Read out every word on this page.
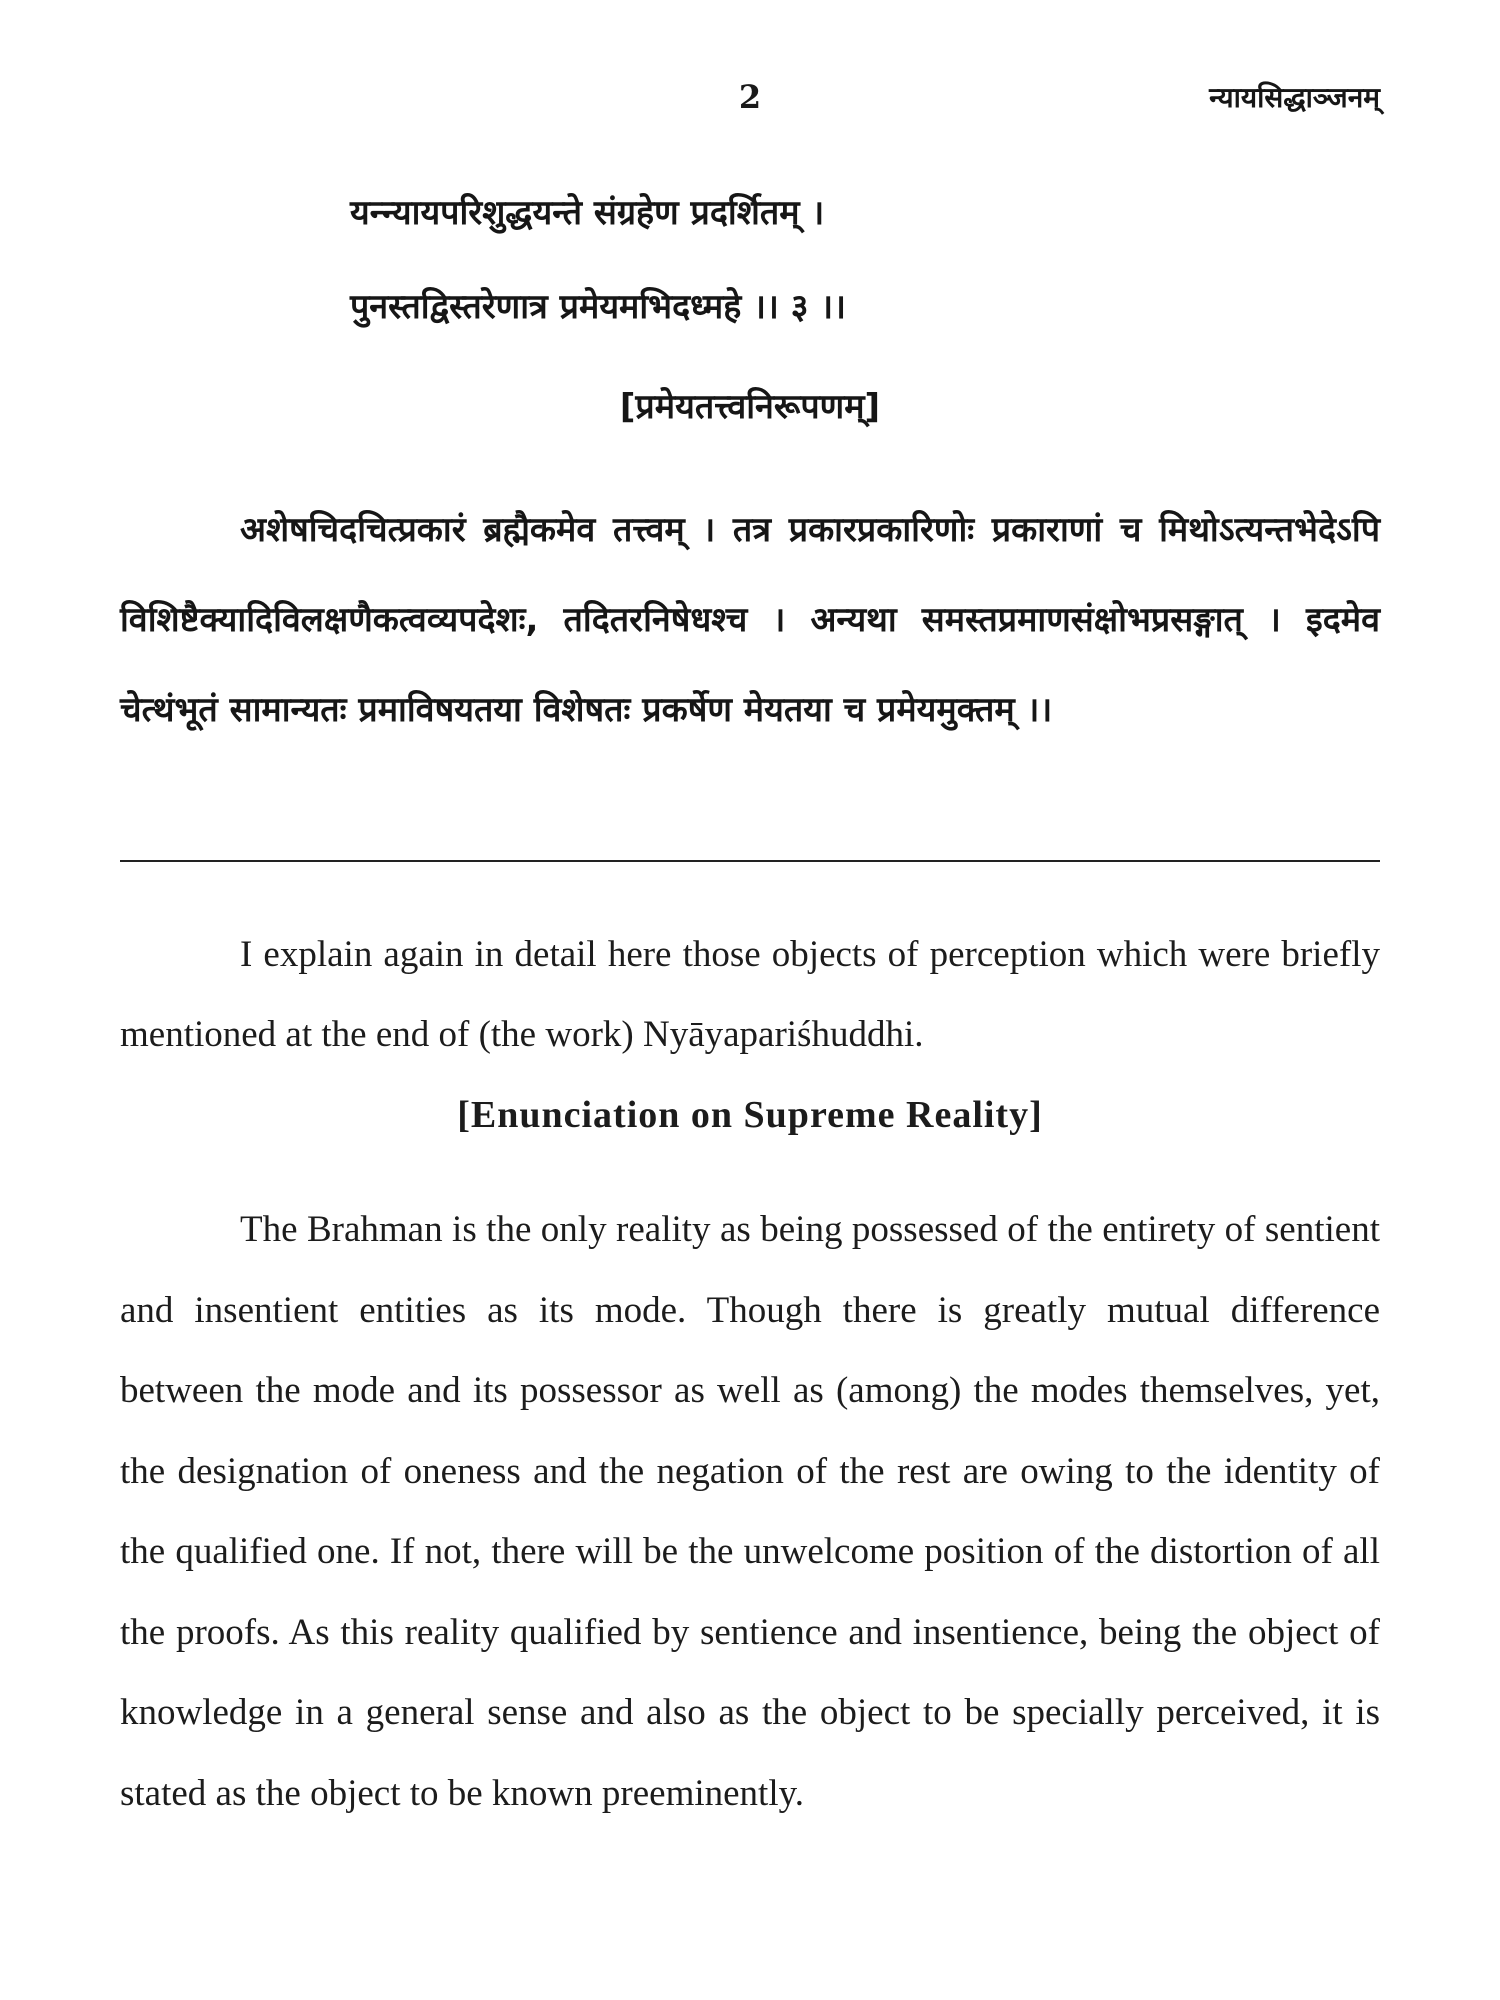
2	न्यायसिद्धाञ्जनम्
यन्न्यायपरिशुद्धयन्ते संग्रहेण प्रदर्शितम् ।
पुनस्तद्विस्तरेणात्र प्रमेयमभिदध्महे ।। ३ ।।
[प्रमेयतत्त्वनिरूपणम्]

अशेषचिदचित्प्रकारं ब्रह्मैकमेव तत्त्वम् । तत्र प्रकारप्रकारिणोः प्रकाराणां च मिथोऽत्यन्तभेदेऽपि विशिष्टैक्यादिविलक्षणैकत्वव्यपदेशः, तदितरनिषेधश्च । अन्यथा समस्तप्रमाणसंक्षोभप्रसङ्गात् । इदमेव चेत्थंभूतं सामान्यतः प्रमाविषयतया विशेषतः प्रकर्षेण मेयतया च प्रमेयमुक्तम् ।।

I explain again in detail here those objects of perception which were briefly mentioned at the end of (the work) Nyāyapariśhuddhi.

[Enunciation on Supreme Reality]

The Brahman is the only reality as being possessed of the entirety of sentient and insentient entities as its mode. Though there is greatly mutual difference between the mode and its possessor as well as (among) the modes themselves, yet, the designation of oneness and the negation of the rest are owing to the identity of the qualified one. If not, there will be the unwelcome position of the distortion of all the proofs. As this reality qualified by sentience and insentience, being the object of knowledge in a general sense and also as the object to be specially perceived, it is stated as the object to be known preeminently.
